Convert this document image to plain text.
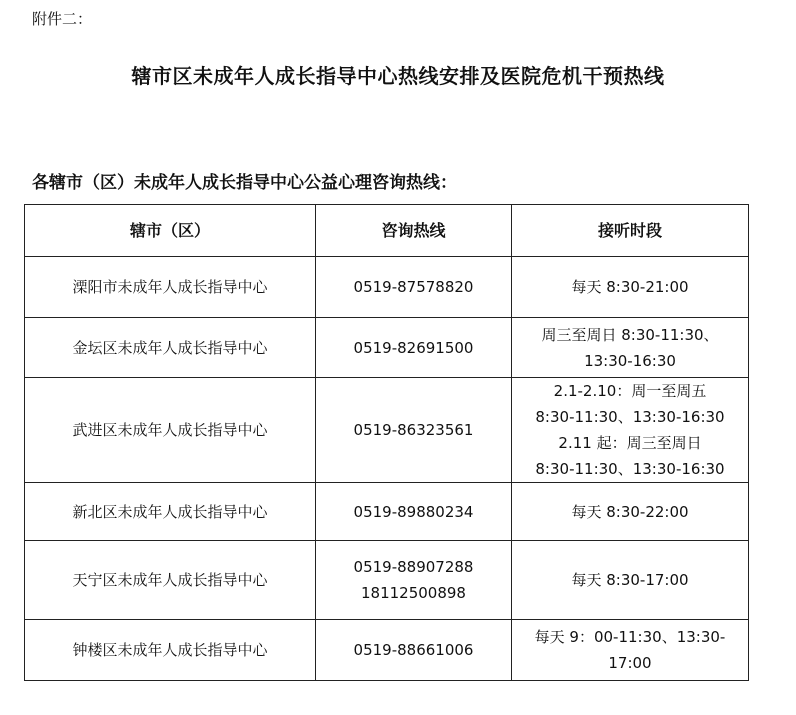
附件二：
辖市区未成年人成长指导中心热线安排及医院危机干预热线
各辖市（区）未成年人成长指导中心公益心理咨询热线：
辖市（区）	咨询热线	接听时段
溧阳市未成年人成长指导中心	0519-87578820	每天 8:30-21:00

金坛区未成年人成长指导中心	0519-82691500	周三至周日 8:30-11:30、
13:30-16:30

武进区未成年人成长指导中心	0519-86323561	2.1-2.10：周一至周五
8:30-11:30、13:30-16:30
2.11 起：周三至周日
8:30-11:30、13:30-16:30

新北区未成年人成长指导中心	0519-89880234	每天 8:30-22:00

天宁区未成年人成长指导中心	0519-88907288
18112500898	每天 8:30-17:00

钟楼区未成年人成长指导中心	0519-88661006	每天 9：00-11:30、13:30-17:00
